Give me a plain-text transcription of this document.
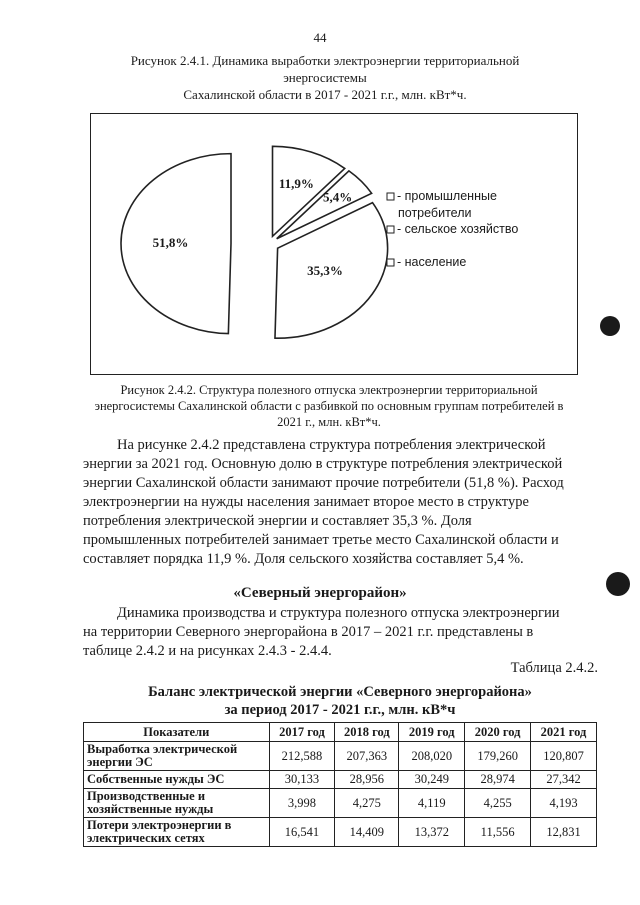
44
Рисунок 2.4.1. Динамика выработки электроэнергии территориальной энергосистемы
Сахалинской области в 2017 - 2021 г.г., млн. кВт*ч.
11,9%
5,4%
35,3%
51,8%
- промышленные
потребители
- сельское хозяйство
- население
Рисунок 2.4.2. Структура полезного отпуска электроэнергии территориальной
энергосистемы Сахалинской области с разбивкой по основным группам потребителей в
2021 г., млн. кВт*ч.
На рисунке 2.4.2 представлена структура потребления электрической
энергии за 2021 год. Основную долю в структуре потребления электрической
энергии Сахалинской области занимают прочие потребители (51,8 %). Расход
электроэнергии на нужды населения занимает второе место в структуре
потребления электрической энергии и составляет 35,3 %. Доля
промышленных потребителей занимает третье место Сахалинской области и
составляет порядка 11,9 %. Доля сельского хозяйства составляет 5,4 %.
«Северный энергорайон»
Динамика производства и структура полезного отпуска электроэнергии
на территории Северного энергорайона в 2017 – 2021 г.г. представлены в
таблице 2.4.2 и на рисунках 2.4.3 - 2.4.4.
Таблица 2.4.2.
Баланс электрической энергии «Северного энергорайона»
за период 2017 - 2021 г.г., млн. кВ*ч
Показатели	2017 год	2018 год	2019 год	2020 год	2021 год

Выработка электрической
энергии ЭС	212,588	207,363	208,020	179,260	120,807

Собственные нужды ЭС	30,133	28,956	30,249	28,974	27,342

Производственные и
хозяйственные нужды	3,998	4,275	4,119	4,255	4,193

Потери электроэнергии в
электрических сетях	16,541	14,409	13,372	11,556	12,831
